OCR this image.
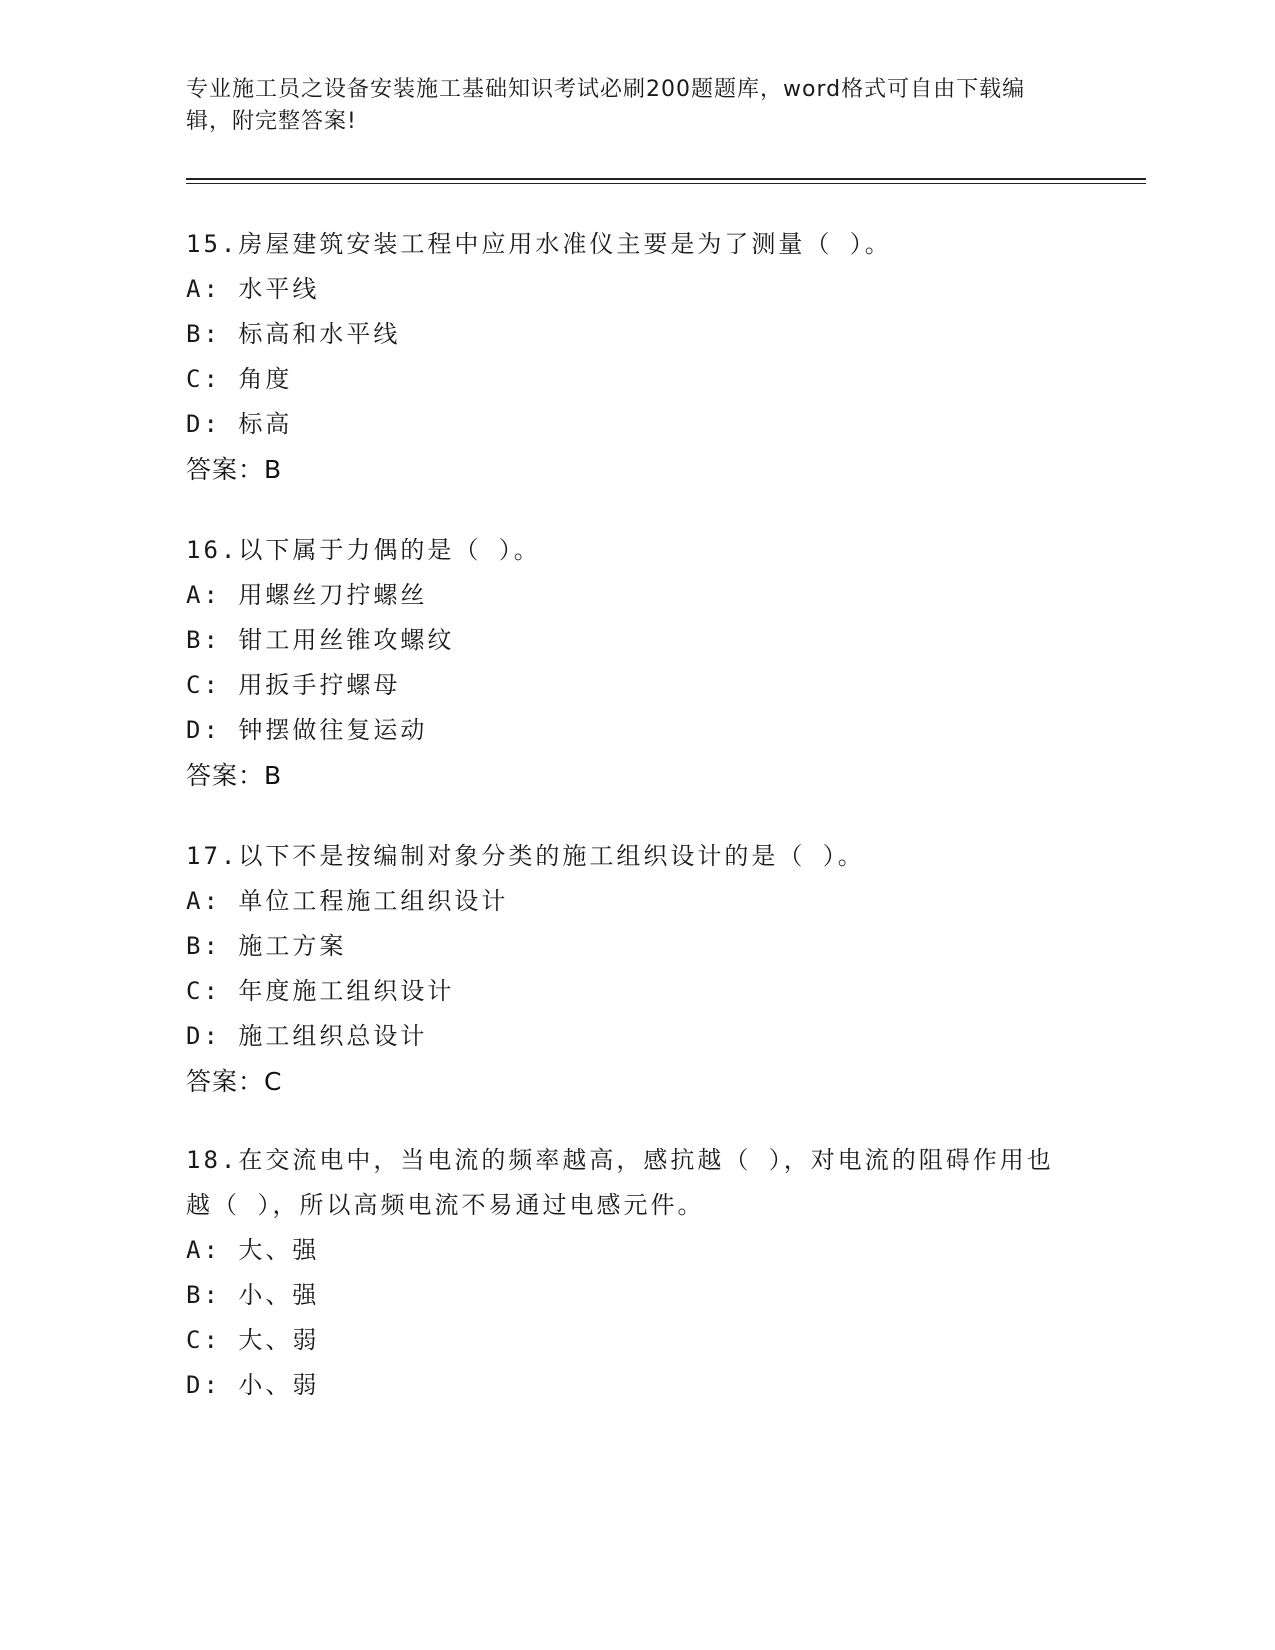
专业施工员之设备安装施工基础知识考试必刷200题题库，word格式可自由下载编辑，附完整答案!

15.房屋建筑安装工程中应用水准仪主要是为了测量（ ）。

A: 水平线

B: 标高和水平线

C: 角度

D: 标高

答案：B

16.以下属于力偶的是（ ）。

A: 用螺丝刀拧螺丝

B: 钳工用丝锥攻螺纹

C: 用扳手拧螺母

D: 钟摆做往复运动

答案：B

17.以下不是按编制对象分类的施工组织设计的是（ ）。

A: 单位工程施工组织设计

B: 施工方案

C: 年度施工组织设计

D: 施工组织总设计

答案：C

18.在交流电中，当电流的频率越高，感抗越（ ），对电流的阻碍作用也越（ ），所以高频电流不易通过电感元件。

A: 大、强

B: 小、强

C: 大、弱

D: 小、弱
